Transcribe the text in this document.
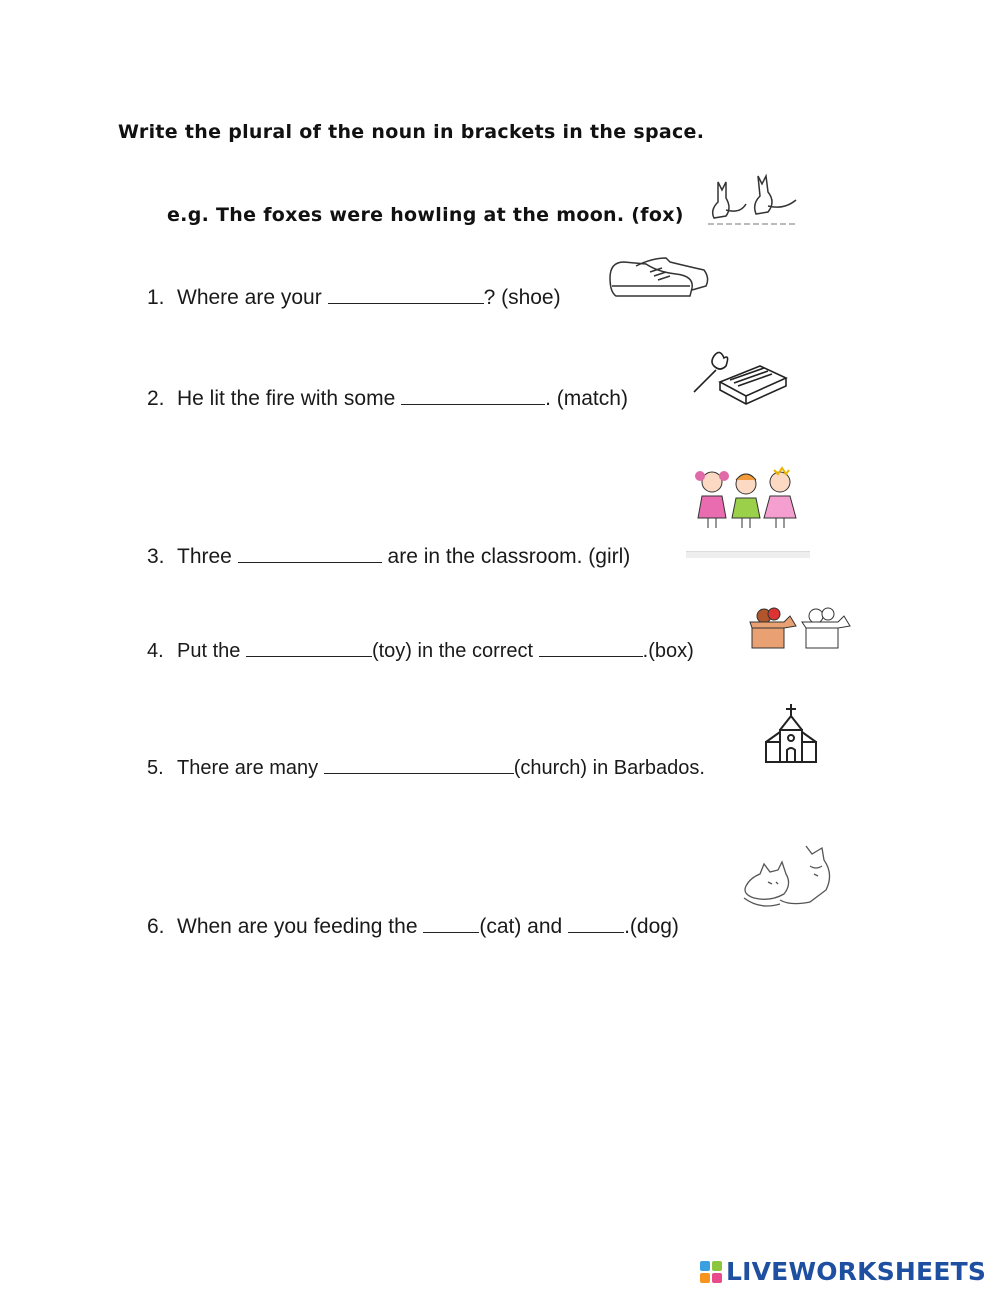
Write the plural of the noun in brackets in the space.
e.g. The foxes were howling at the moon. (fox)
1. Where are your	? (shoe)
2. He lit the fire with some	. (match)
3. Three	are in the classroom. (girl)
4. Put the	(toy) in the correct	.(box)
5. There are many	(church) in Barbados.
6. When are you feeding the	(cat) and	.(dog)
LIVEWORKSHEETS
